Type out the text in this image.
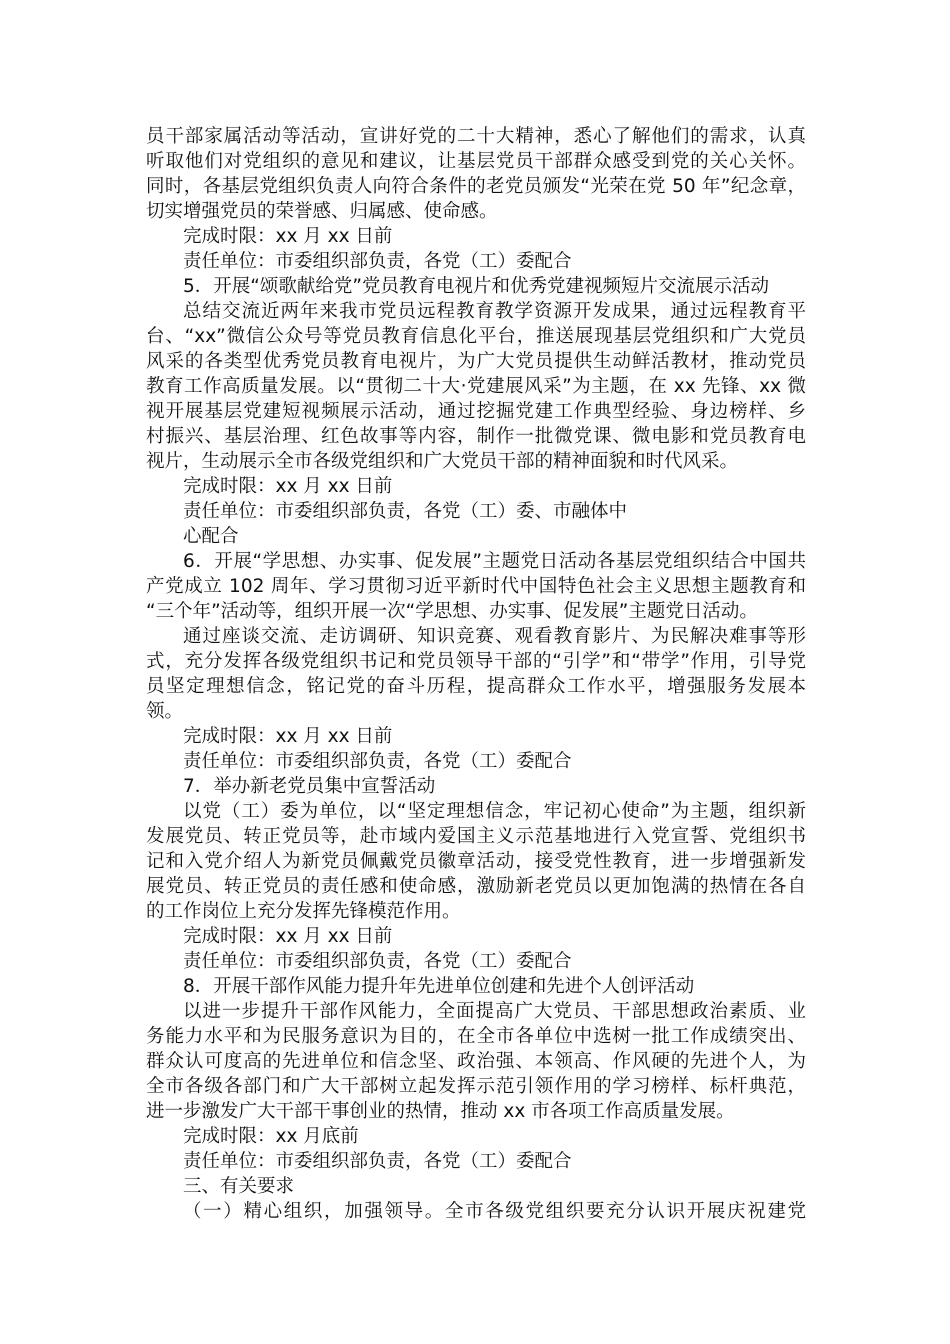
员干部家属活动等活动，宣讲好党的二十大精神，悉心了解他们的需求，认真
听取他们对党组织的意见和建议，让基层党员干部群众感受到党的关心关怀。
同时，各基层党组织负责人向符合条件的老党员颁发“光荣在党 50 年”纪念章，
切实增强党员的荣誉感、归属感、使命感。
完成时限：xx 月 xx 日前
责任单位：市委组织部负责，各党（工）委配合
5．开展“颂歌献给党”党员教育电视片和优秀党建视频短片交流展示活动
总结交流近两年来我市党员远程教育教学资源开发成果，通过远程教育平
台、“xx”微信公众号等党员教育信息化平台，推送展现基层党组织和广大党员
风采的各类型优秀党员教育电视片，为广大党员提供生动鲜活教材，推动党员
教育工作高质量发展。以“贯彻二十大·党建展风采”为主题，在 xx 先锋、xx 微
视开展基层党建短视频展示活动，通过挖掘党建工作典型经验、身边榜样、乡
村振兴、基层治理、红色故事等内容，制作一批微党课、微电影和党员教育电
视片，生动展示全市各级党组织和广大党员干部的精神面貌和时代风采。
完成时限：xx 月 xx 日前
责任单位：市委组织部负责，各党（工）委、市融体中
心配合
6．开展“学思想、办实事、促发展”主题党日活动各基层党组织结合中国共
产党成立 102 周年、学习贯彻习近平新时代中国特色社会主义思想主题教育和
“三个年”活动等，组织开展一次“学思想、办实事、促发展”主题党日活动。
通过座谈交流、走访调研、知识竞赛、观看教育影片、为民解决难事等形
式，充分发挥各级党组织书记和党员领导干部的“引学”和“带学”作用，引导党
员坚定理想信念，铭记党的奋斗历程，提高群众工作水平，增强服务发展本
领。
完成时限：xx 月 xx 日前
责任单位：市委组织部负责，各党（工）委配合
7．举办新老党员集中宣誓活动
以党（工）委为单位，以“坚定理想信念，牢记初心使命”为主题，组织新
发展党员、转正党员等，赴市域内爱国主义示范基地进行入党宣誓、党组织书
记和入党介绍人为新党员佩戴党员徽章活动，接受党性教育，进一步增强新发
展党员、转正党员的责任感和使命感，激励新老党员以更加饱满的热情在各自
的工作岗位上充分发挥先锋模范作用。
完成时限：xx 月 xx 日前
责任单位：市委组织部负责，各党（工）委配合
8．开展干部作风能力提升年先进单位创建和先进个人创评活动
以进一步提升干部作风能力，全面提高广大党员、干部思想政治素质、业
务能力水平和为民服务意识为目的，在全市各单位中选树一批工作成绩突出、
群众认可度高的先进单位和信念坚、政治强、本领高、作风硬的先进个人，为
全市各级各部门和广大干部树立起发挥示范引领作用的学习榜样、标杆典范，
进一步激发广大干部干事创业的热情，推动 xx 市各项工作高质量发展。
完成时限：xx 月底前
责任单位：市委组织部负责，各党（工）委配合
三、有关要求
（一）精心组织，加强领导。全市各级党组织要充分认识开展庆祝建党
